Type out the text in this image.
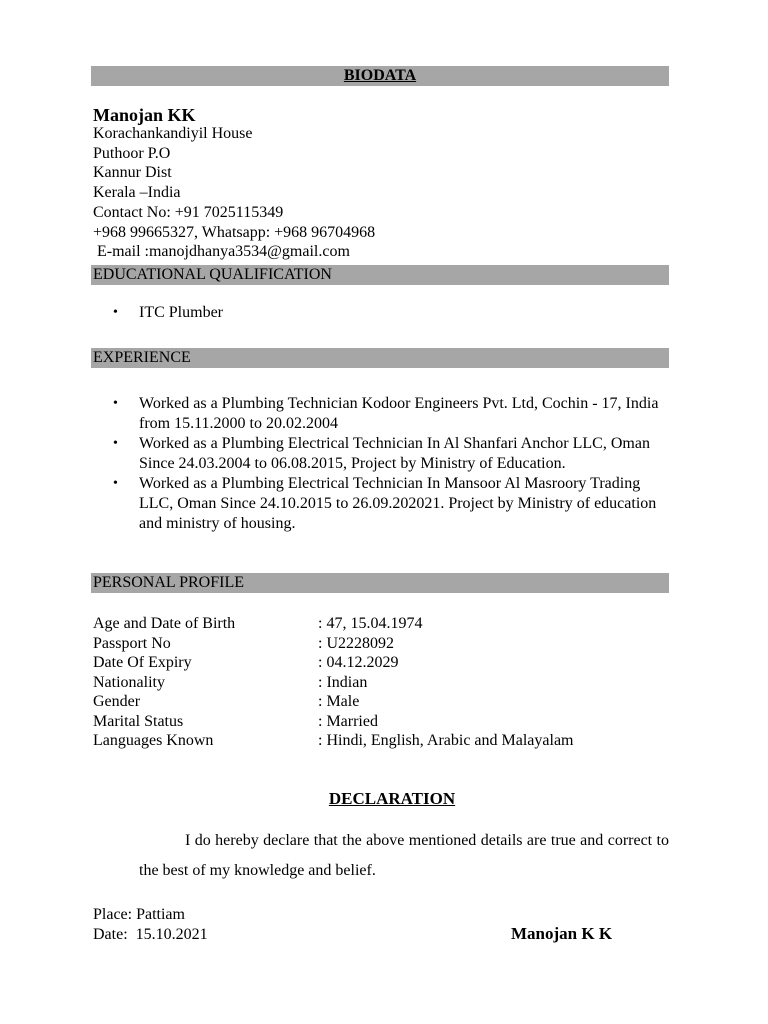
BIODATA
Manojan KK
Korachankandiyil House
Puthoor P.O
Kannur Dist
Kerala –India
Contact No: +91 7025115349
+968 99665327, Whatsapp: +968 96704968
E-mail :manojdhanya3534@gmail.com
EDUCATIONAL QUALIFICATION
• ITC Plumber
EXPERIENCE
• Worked as a Plumbing Technician Kodoor Engineers Pvt. Ltd, Cochin - 17, India from 15.11.2000 to 20.02.2004
• Worked as a Plumbing Electrical Technician In Al Shanfari Anchor LLC, Oman Since 24.03.2004 to 06.08.2015, Project by Ministry of Education.
• Worked as a Plumbing Electrical Technician In Mansoor Al Masroory Trading LLC, Oman Since 24.10.2015 to 26.09.202021. Project by Ministry of education and ministry of housing.
PERSONAL PROFILE
Age and Date of Birth	: 47, 15.04.1974
Passport No	: U2228092
Date Of Expiry	: 04.12.2029
Nationality	: Indian
Gender	: Male
Marital Status	: Married
Languages Known	: Hindi, English, Arabic and Malayalam
DECLARATION
I do hereby declare that the above mentioned details are true and correct to the best of my knowledge and belief.
Place: Pattiam
Date:  15.10.2021	Manojan K K
